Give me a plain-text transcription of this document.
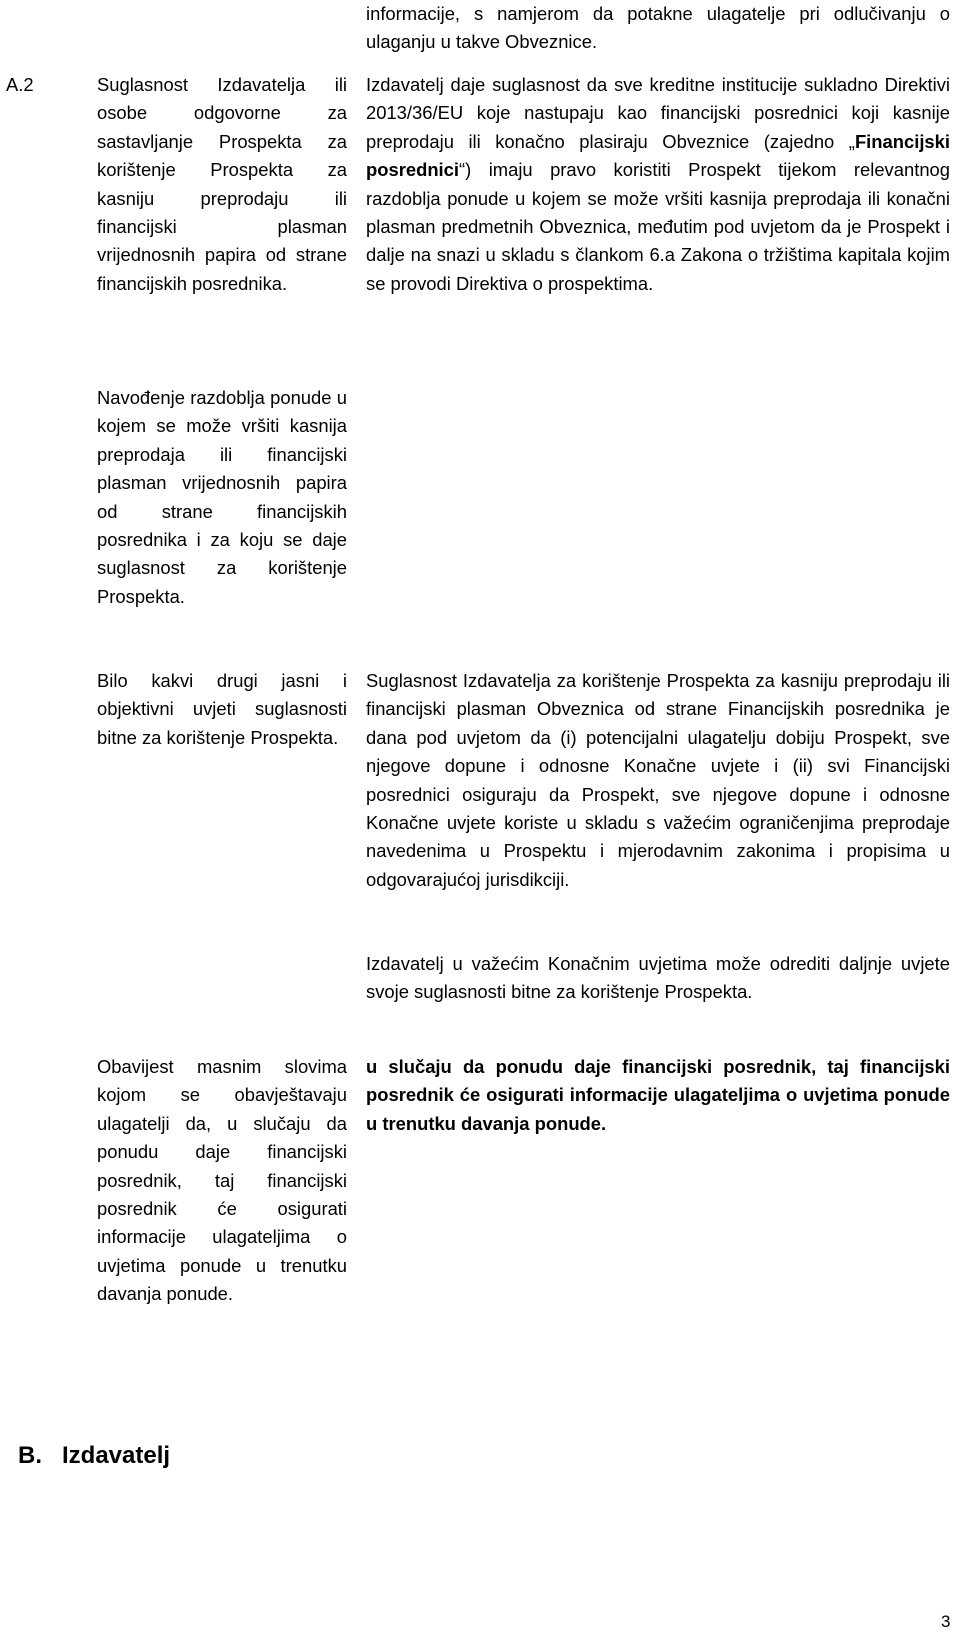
informacije, s namjerom da potakne ulagatelje pri odlučivanju o ulaganju u takve Obveznice.
A.2	Suglasnost Izdavatelja ili osobe odgovorne za sastavljanje Prospekta za korištenje Prospekta za kasniju preprodaju ili financijski plasman vrijednosnih papira od strane financijskih posrednika.
Izdavatelj daje suglasnost da sve kreditne institucije sukladno Direktivi 2013/36/EU koje nastupaju kao financijski posrednici koji kasnije preprodaju ili konačno plasiraju Obveznice (zajedno „Financijski posrednici“) imaju pravo koristiti Prospekt tijekom relevantnog razdoblja ponude u kojem se može vršiti kasnija preprodaja ili konačni plasman predmetnih Obveznica, međutim pod uvjetom da je Prospekt i dalje na snazi u skladu s člankom 6.a Zakona o tržištima kapitala kojim se provodi Direktiva o prospektima.
Navođenje razdoblja ponude u kojem se može vršiti kasnija preprodaja ili financijski plasman vrijednosnih papira od strane financijskih posrednika i za koju se daje suglasnost za korištenje Prospekta.
Bilo kakvi drugi jasni i objektivni uvjeti suglasnosti bitne za korištenje Prospekta.
Suglasnost Izdavatelja za korištenje Prospekta za kasniju preprodaju ili financijski plasman Obveznica od strane Financijskih posrednika je dana pod uvjetom da (i) potencijalni ulagatelju dobiju Prospekt, sve njegove dopune i odnosne Konačne uvjete i (ii) svi Financijski posrednici osiguraju da Prospekt, sve njegove dopune i odnosne Konačne uvjete koriste u skladu s važećim ograničenjima preprodaje navedenima u Prospektu i mjerodavnim zakonima i propisima u odgovarajućoj jurisdikciji.
Izdavatelj u važećim Konačnim uvjetima može odrediti daljnje uvjete svoje suglasnosti bitne za korištenje Prospekta.
Obavijest masnim slovima kojom se obavještavaju ulagatelji da, u slučaju da ponudu daje financijski posrednik, taj financijski posrednik će osigurati informacije ulagateljima o uvjetima ponude u trenutku davanja ponude.
u slučaju da ponudu daje financijski posrednik, taj financijski posrednik će osigurati informacije ulagateljima o uvjetima ponude u trenutku davanja ponude.
B. Izdavatelj
3
